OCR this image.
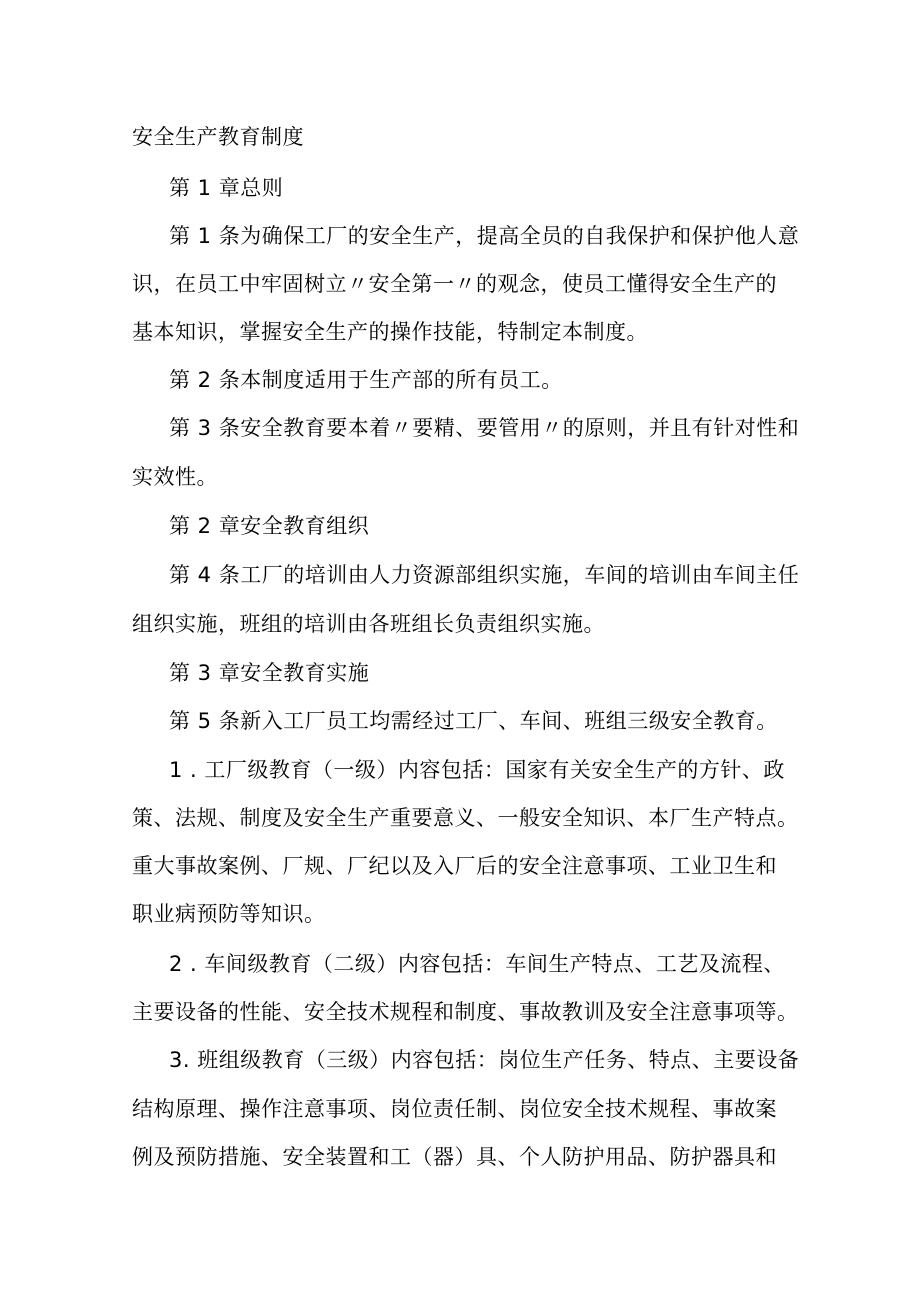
安全生产教育制度
第 1 章总则
第 1 条为确保工厂的安全生产，提高全员的自我保护和保护他人意
识，在员工中牢固树立〃安全第一〃的观念，使员工懂得安全生产的
基本知识，掌握安全生产的操作技能，特制定本制度。
第 2 条本制度适用于生产部的所有员工。
第 3 条安全教育要本着〃要精、要管用〃的原则，并且有针对性和
实效性。
第 2 章安全教育组织
第 4 条工厂的培训由人力资源部组织实施，车间的培训由车间主任
组织实施，班组的培训由各班组长负责组织实施。
第 3 章安全教育实施
第 5 条新入工厂员工均需经过工厂、车间、班组三级安全教育。
1 . 工厂级教育（一级）内容包括：国家有关安全生产的方针、政
策、法规、制度及安全生产重要意义、一般安全知识、本厂生产特点。
重大事故案例、厂规、厂纪以及入厂后的安全注意事项、工业卫生和
职业病预防等知识。
2 . 车间级教育（二级）内容包括：车间生产特点、工艺及流程、
主要设备的性能、安全技术规程和制度、事故教训及安全注意事项等。
3. 班组级教育（三级）内容包括：岗位生产任务、特点、主要设备
结构原理、操作注意事项、岗位责任制、岗位安全技术规程、事故案
例及预防措施、安全装置和工（器）具、个人防护用品、防护器具和
